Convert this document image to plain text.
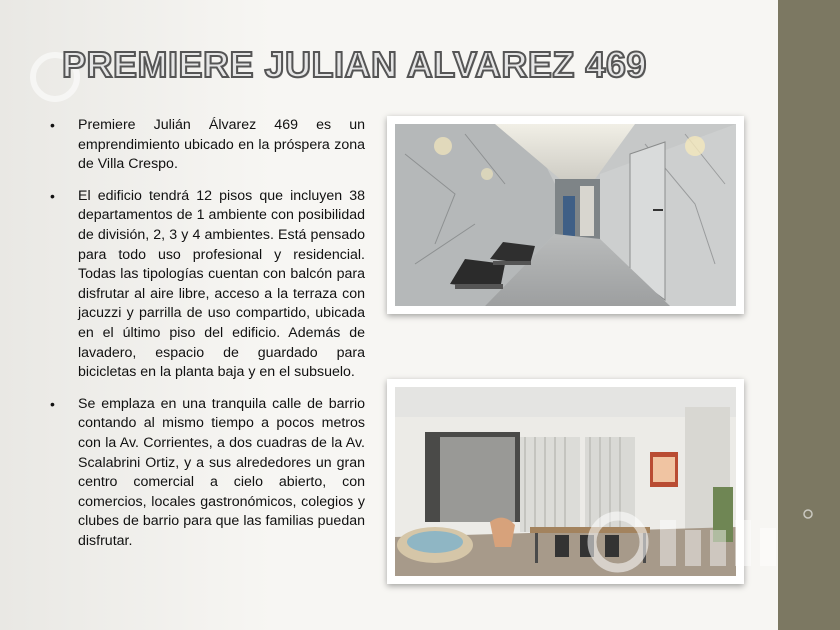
PREMIERE JULIAN ALVAREZ 469
• Premiere Julián Álvarez 469 es un emprendimiento ubicado en la próspera zona de Villa Crespo.
• El edificio tendrá 12 pisos que incluyen 38 departamentos de 1 ambiente con posibilidad de división, 2, 3 y 4 ambientes. Está pensado para todo uso profesional y residencial. Todas las tipologías cuentan con balcón para disfrutar al aire libre, acceso a la terraza con jacuzzi y parrilla de uso compartido, ubicada en el último piso del edificio. Además de lavadero, espacio de guardado para bicicletas en la planta baja y en el subsuelo.
• Se emplaza en una tranquila calle de barrio contando al mismo tiempo a pocos metros con la Av. Corrientes, a dos cuadras de la Av. Scalabrini Ortiz, y a sus alrededores un gran centro comercial a cielo abierto, con comercios, locales gastronómicos, colegios y clubes de barrio para que las familias puedan disfrutar.
